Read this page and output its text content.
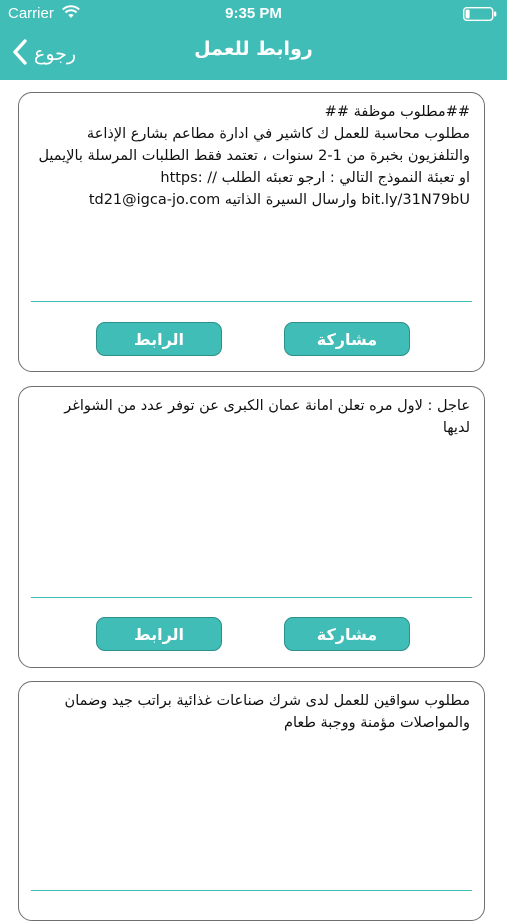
Carrier	9:35 PM
رجوع	روابط للعمل
##مطلوب موظفة ##
مطلوب محاسبة للعمل ك كاشير في ادارة مطاعم بشارع الإذاعة والتلفزيون بخبرة من 1-2 سنوات ، تعتمد فقط الطلبات المرسلة بالإيميل او تعبئة النموذج التالي : ارجو تعبئه الطلب // https‪:
bit.ly/31N79bU وارسال السيرة الذاتيه td21@igca-jo.com
مشاركة
الرابط
عاجل : لاول مره تعلن امانة عمان الكبرى عن توفر عدد من الشواغر لديها
مشاركة
الرابط
مطلوب سواقين للعمل لدى شرك صناعات غذائية براتب جيد وضمان والمواصلات مؤمنة ووجبة طعام
